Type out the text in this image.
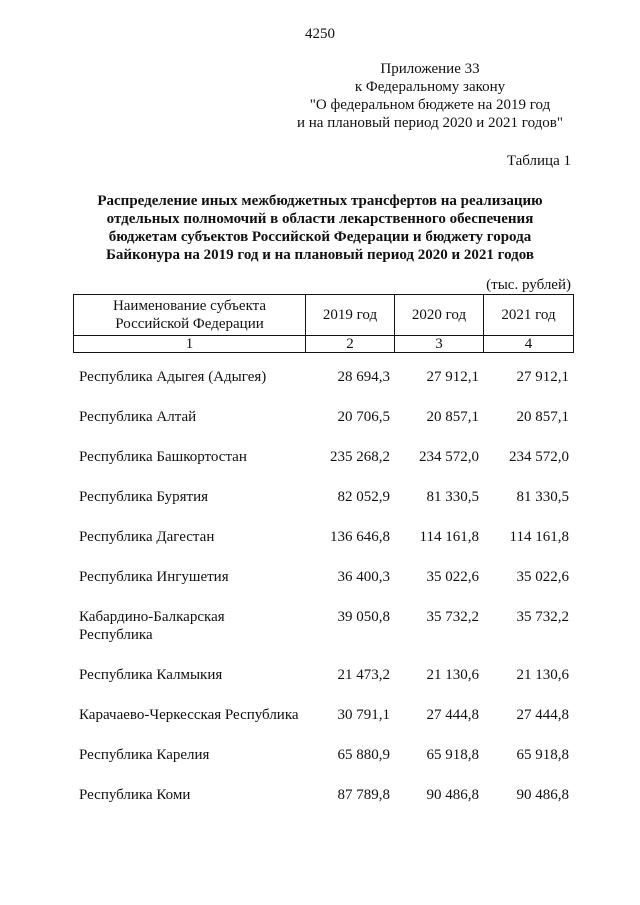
4250
Приложение 33
к Федеральному закону
"О федеральном бюджете на 2019 год
и на плановый период 2020 и 2021 годов"
Таблица 1
Распределение иных межбюджетных трансфертов на реализацию
отдельных полномочий в области лекарственного обеспечения
бюджетам субъектов Российской Федерации и бюджету города
Байконура на 2019 год и на плановый период 2020 и 2021 годов
(тыс. рублей)
Наименование субъекта
Российской Федерации	2019 год	2020 год	2021 год
1	2	3	4
Республика Адыгея (Адыгея)	28 694,3	27 912,1	27 912,1
Республика Алтай	20 706,5	20 857,1	20 857,1
Республика Башкортостан	235 268,2	234 572,0	234 572,0
Республика Бурятия	82 052,9	81 330,5	81 330,5
Республика Дагестан	136 646,8	114 161,8	114 161,8
Республика Ингушетия	36 400,3	35 022,6	35 022,6
Кабардино-Балкарская
Республика
39 050,8	35 732,2	35 732,2
Республика Калмыкия	21 473,2	21 130,6	21 130,6
Карачаево-Черкесская Республика	30 791,1	27 444,8	27 444,8
Республика Карелия	65 880,9	65 918,8	65 918,8
Республика Коми	87 789,8	90 486,8	90 486,8
